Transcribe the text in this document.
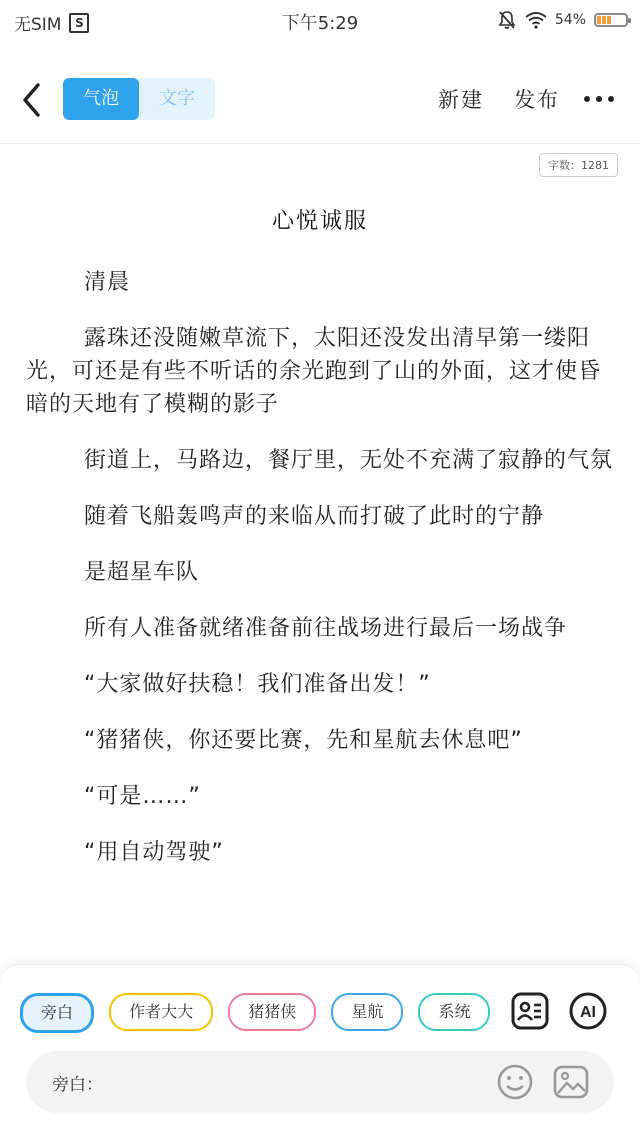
无SIM	S	下午5:29	54%
气泡	文字	新建 发布
字数：1281
心悦诚服

清晨

露珠还没随嫩草流下，太阳还没发出清早第一缕阳光，可还是有些不听话的余光跑到了山的外面，这才使昏暗的天地有了模糊的影子

街道上，马路边，餐厅里，无处不充满了寂静的气氛

随着飞船轰鸣声的来临从而打破了此时的宁静

是超星车队

所有人准备就绪准备前往战场进行最后一场战争

“大家做好扶稳！我们准备出发！”

“猪猪侠，你还要比赛，先和星航去休息吧”

“可是……”

“用自动驾驶”

旁白	作者大大	猪猪侠	星航	系统	AI
旁白：
